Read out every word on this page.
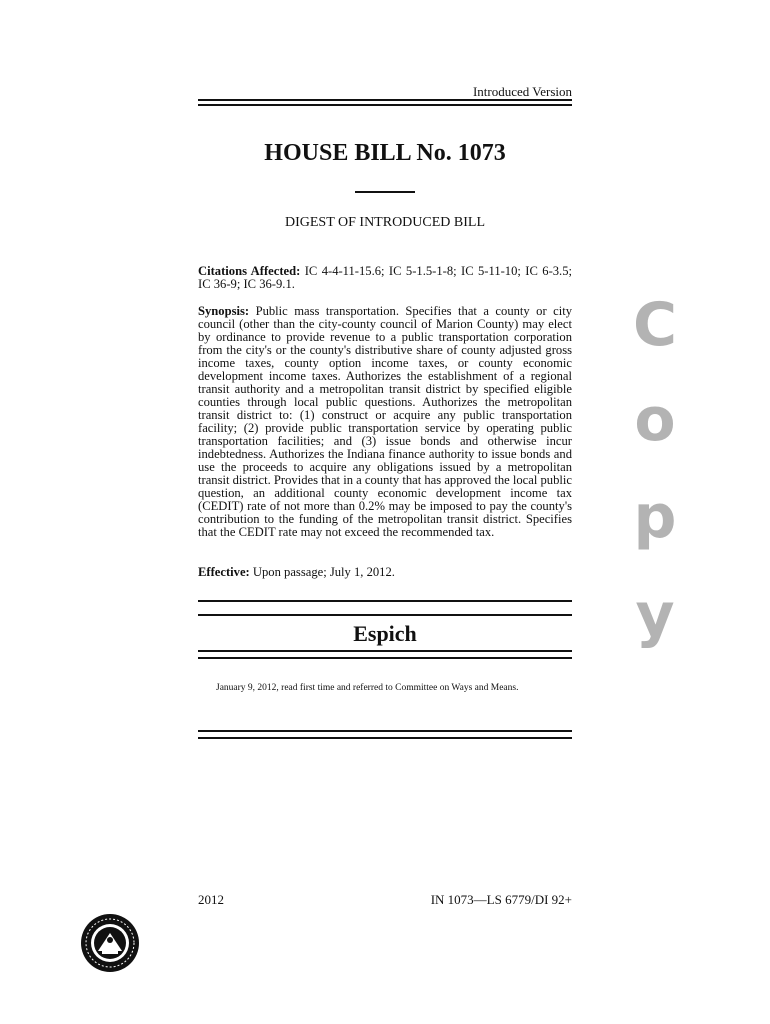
Introduced Version
HOUSE BILL No. 1073
DIGEST OF INTRODUCED BILL
Citations Affected: IC 4-4-11-15.6; IC 5-1.5-1-8; IC 5-11-10; IC 6-3.5; IC 36-9; IC 36-9.1.
Synopsis: Public mass transportation. Specifies that a county or city council (other than the city-county council of Marion County) may elect by ordinance to provide revenue to a public transportation corporation from the city's or the county's distributive share of county adjusted gross income taxes, county option income taxes, or county economic development income taxes. Authorizes the establishment of a regional transit authority and a metropolitan transit district by specified eligible counties through local public questions. Authorizes the metropolitan transit district to: (1) construct or acquire any public transportation facility; (2) provide public transportation service by operating public transportation facilities; and (3) issue bonds and otherwise incur indebtedness. Authorizes the Indiana finance authority to issue bonds and use the proceeds to acquire any obligations issued by a metropolitan transit district. Provides that in a county that has approved the local public question, an additional county economic development income tax (CEDIT) rate of not more than 0.2% may be imposed to pay the county's contribution to the funding of the metropolitan transit district. Specifies that the CEDIT rate may not exceed the recommended tax.
Effective: Upon passage; July 1, 2012.
Espich
January 9, 2012, read first time and referred to Committee on Ways and Means.
2012	IN 1073—LS 6779/DI 92+
C
o
p
y
